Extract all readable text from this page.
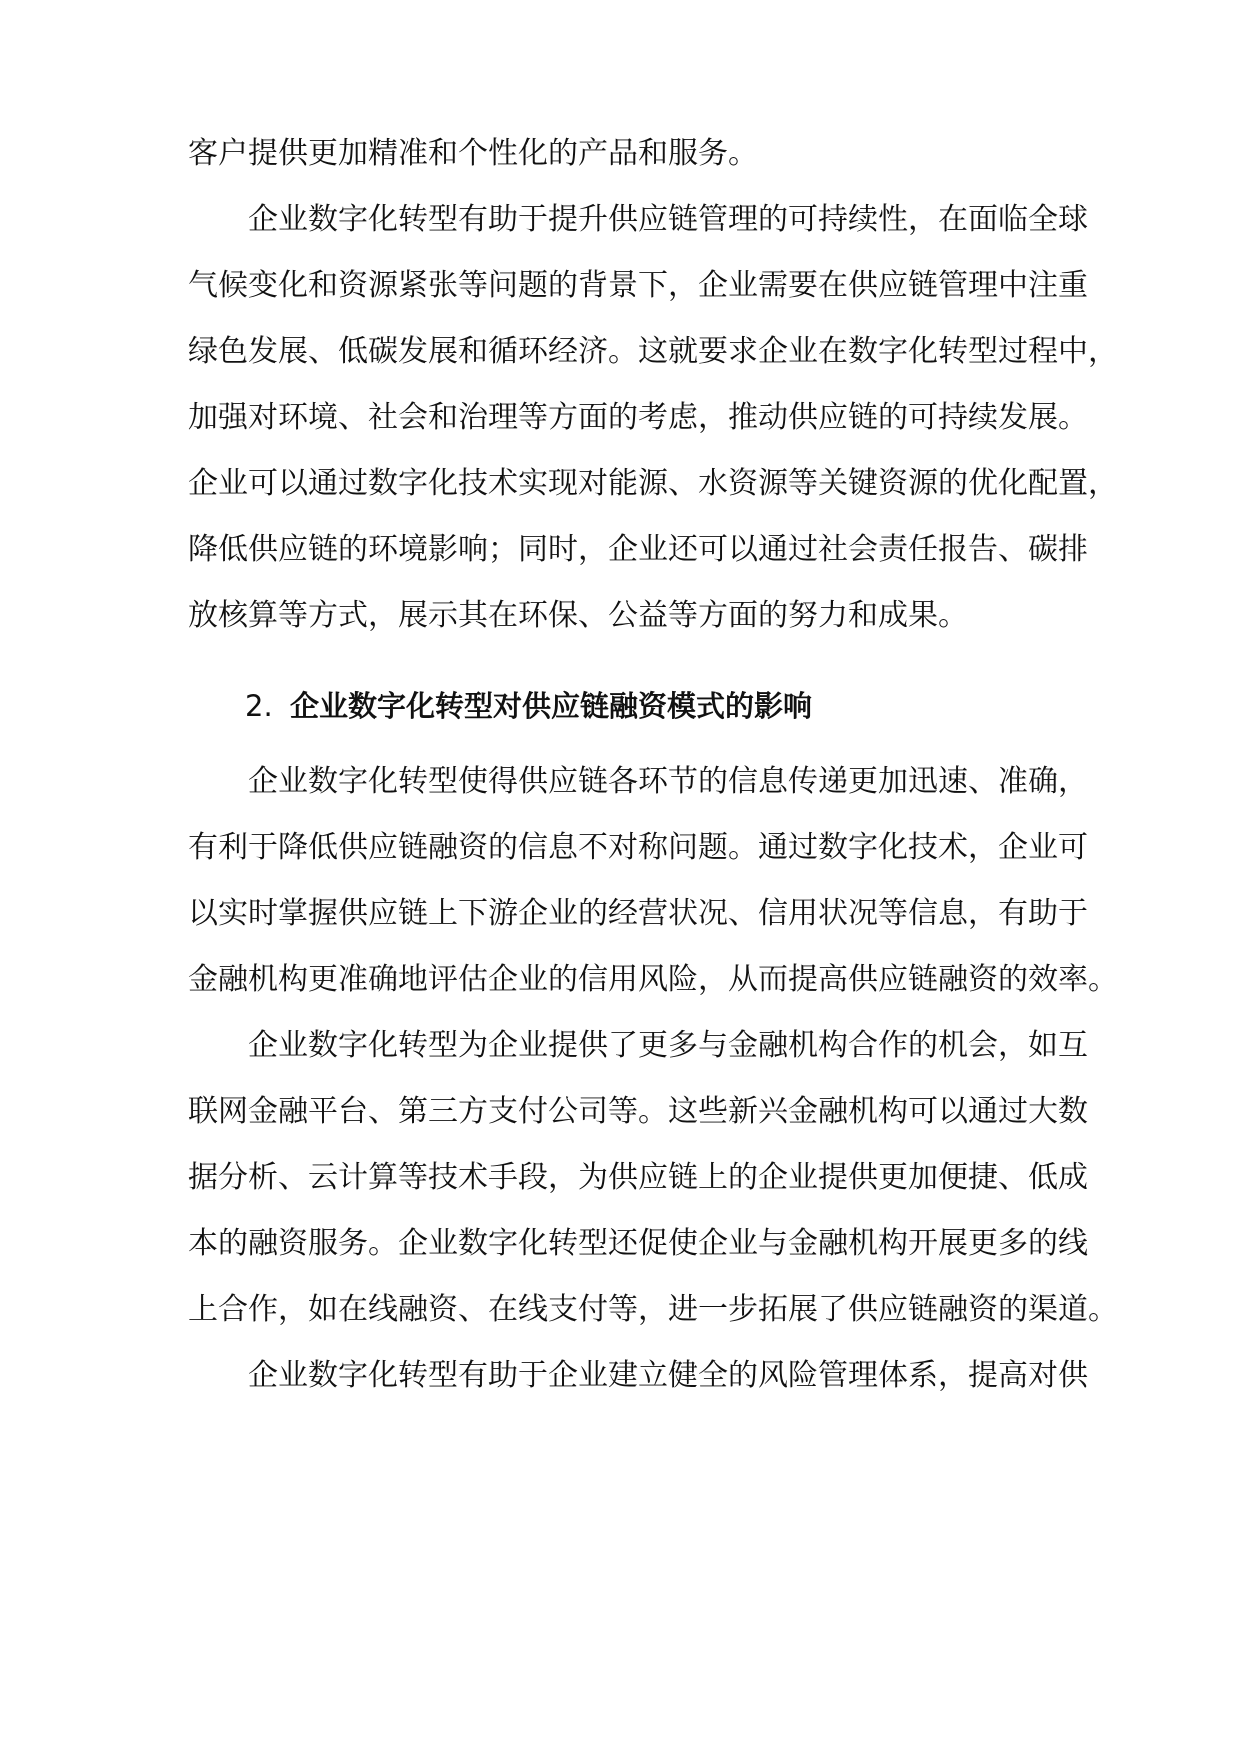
客户提供更加精准和个性化的产品和服务。
企业数字化转型有助于提升供应链管理的可持续性，在面临全球
气候变化和资源紧张等问题的背景下，企业需要在供应链管理中注重
绿色发展、低碳发展和循环经济。这就要求企业在数字化转型过程中，
加强对环境、社会和治理等方面的考虑，推动供应链的可持续发展。
企业可以通过数字化技术实现对能源、水资源等关键资源的优化配置，
降低供应链的环境影响；同时，企业还可以通过社会责任报告、碳排
放核算等方式，展示其在环保、公益等方面的努力和成果。
2. 企业数字化转型对供应链融资模式的影响
企业数字化转型使得供应链各环节的信息传递更加迅速、准确，
有利于降低供应链融资的信息不对称问题。通过数字化技术，企业可
以实时掌握供应链上下游企业的经营状况、信用状况等信息，有助于
金融机构更准确地评估企业的信用风险，从而提高供应链融资的效率。
企业数字化转型为企业提供了更多与金融机构合作的机会，如互
联网金融平台、第三方支付公司等。这些新兴金融机构可以通过大数
据分析、云计算等技术手段，为供应链上的企业提供更加便捷、低成
本的融资服务。企业数字化转型还促使企业与金融机构开展更多的线
上合作，如在线融资、在线支付等，进一步拓展了供应链融资的渠道。
企业数字化转型有助于企业建立健全的风险管理体系，提高对供
